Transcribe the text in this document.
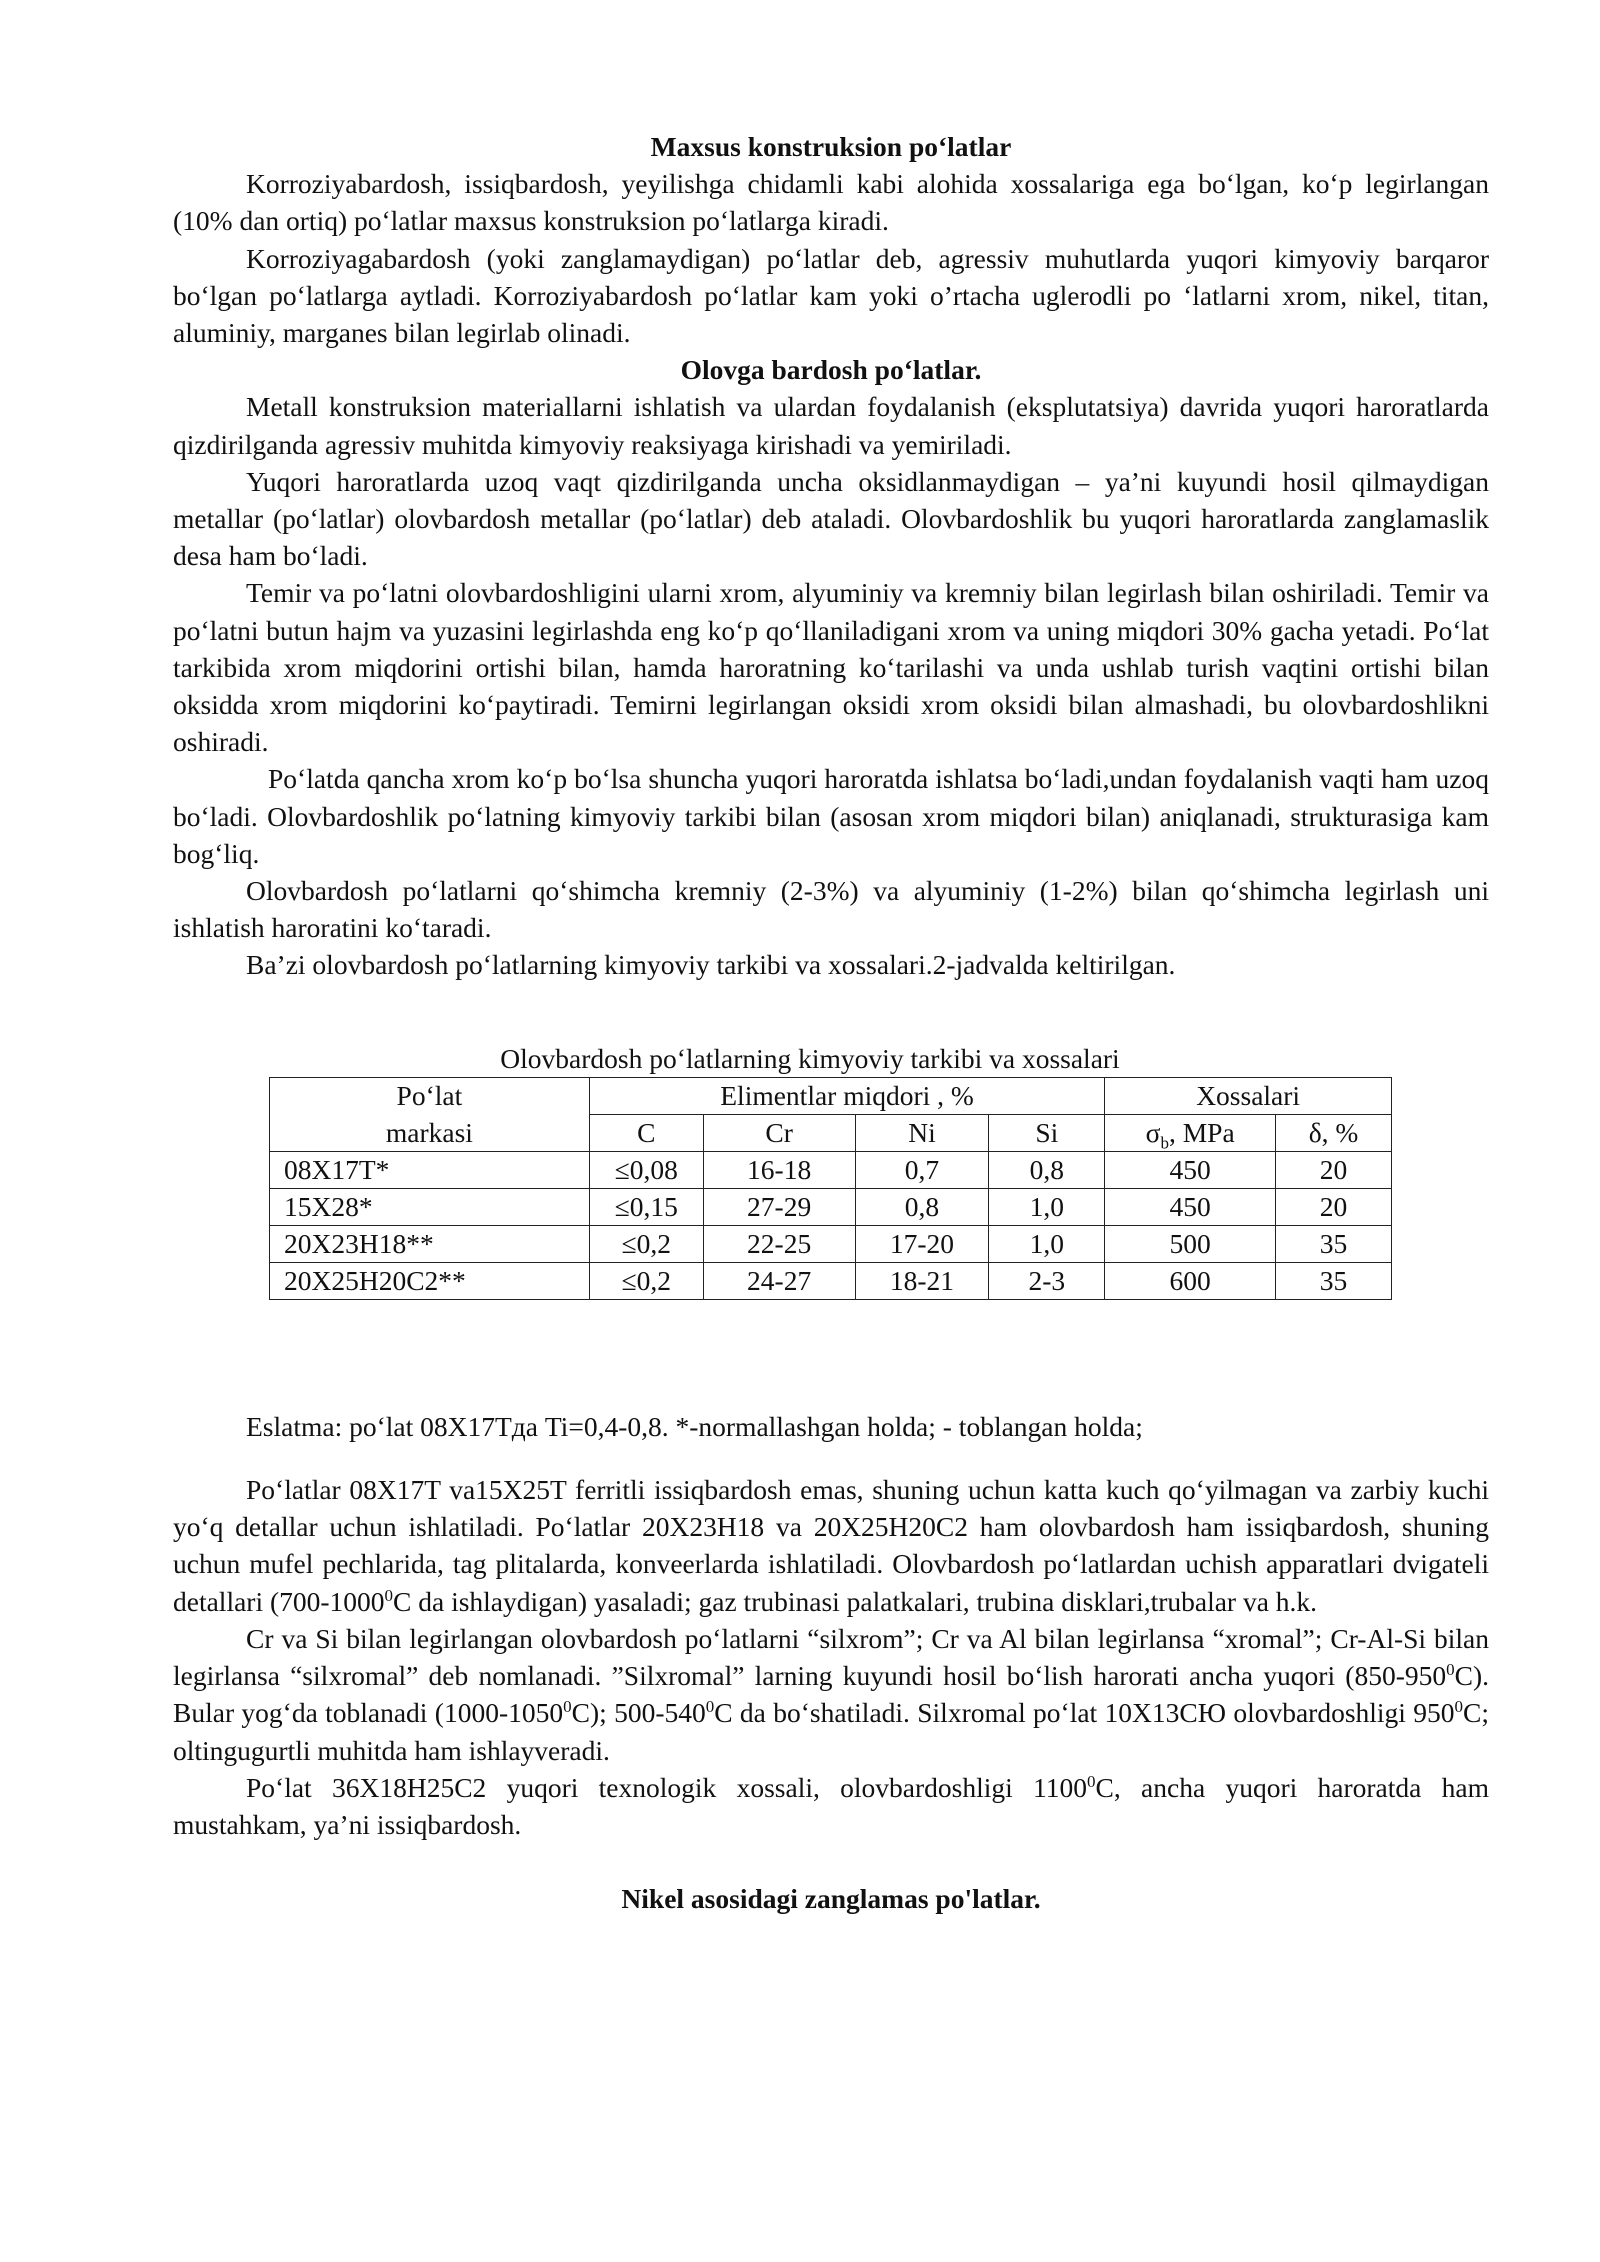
Maxsus konstruksion po‘latlar

Korroziyabardosh, issiqbardosh, yeyilishga chidamli kabi alohida xossalariga ega bo‘lgan, ko‘p legirlangan (10% dan ortiq) po‘latlar maxsus konstruksion po‘latlarga kiradi.

Korroziyagabardosh (yoki zanglamaydigan) po‘latlar deb, agressiv muhutlarda yuqori kimyoviy barqaror bo‘lgan po‘latlarga aytladi. Korroziyabardosh po‘latlar kam yoki o’rtacha uglerodli po ‘latlarni xrom, nikel, titan, aluminiy, marganes bilan legirlab olinadi.

Olovga bardosh po‘latlar.

Metall konstruksion materiallarni ishlatish va ulardan foydalanish (eksplutatsiya) davrida yuqori haroratlarda qizdirilganda agressiv muhitda kimyoviy reaksiyaga kirishadi va yemiriladi.

Yuqori haroratlarda uzoq vaqt qizdirilganda uncha oksidlanmaydigan – ya’ni kuyundi hosil qilmaydigan metallar (po‘latlar) olovbardosh metallar (po‘latlar) deb ataladi. Olovbardoshlik bu yuqori haroratlarda zanglamaslik desa ham bo‘ladi.

Temir va po‘latni olovbardoshligini ularni xrom, alyuminiy va kremniy bilan legirlash bilan oshiriladi. Temir va po‘latni butun hajm va yuzasini legirlashda eng ko‘p qo‘llaniladigani xrom va uning miqdori 30% gacha yetadi. Po‘lat tarkibida xrom miqdorini ortishi bilan, hamda haroratning ko‘tarilashi va unda ushlab turish vaqtini ortishi bilan oksidda xrom miqdorini ko‘paytiradi. Temirni legirlangan oksidi xrom oksidi bilan almashadi, bu olovbardoshlikni oshiradi.

Po‘latda qancha xrom ko‘p bo‘lsa shuncha yuqori haroratda ishlatsa bo‘ladi,undan foydalanish vaqti ham uzoq bo‘ladi. Olovbardoshlik po‘latning kimyoviy tarkibi bilan (asosan xrom miqdori bilan) aniqlanadi, strukturasiga kam bog‘liq.

Olovbardosh po‘latlarni qo‘shimcha kremniy (2-3%) va alyuminiy (1-2%) bilan qo‘shimcha legirlash uni ishlatish haroratini ko‘taradi.

Ba’zi olovbardosh po‘latlarning kimyoviy tarkibi va xossalari.2-jadvalda keltirilgan.

Olovbardosh po‘latlarning kimyoviy tarkibi va xossalari
Po‘lat	Elimentlar miqdori , %				Xossalari	
markasi	C	Cr	Ni	Si	$\sigma_b$, MPa	δ, %
08X17T*	≤0,08	16-18	0,7	0,8	450	20
15X28*	≤0,15	27-29	0,8	1,0	450	20
20X23H18**	≤0,2	22-25	17-20	1,0	500	35
20X25H20C2**	≤0,2	24-27	18-21	2-3	600	35

Eslatma: po‘lat 08X17Tда Ti=0,4-0,8. *-normallashgan holda; - toblangan holda;

Po‘latlar 08X17T va15X25T ferritli issiqbardosh emas, shuning uchun katta kuch qo‘yilmagan va zarbiy kuchi yo‘q detallar uchun ishlatiladi. Po‘latlar 20X23H18 va 20X25H20C2 ham olovbardosh ham issiqbardosh, shuning uchun mufel pechlarida, tag plitalarda, konveerlarda ishlatiladi. Olovbardosh po‘latlardan uchish apparatlari dvigateli detallari (700-1000$^0$C da ishlaydigan) yasaladi; gaz trubinasi palatkalari, trubina disklari,trubalar va h.k.

Cr va Si bilan legirlangan olovbardosh po‘latlarni “silxrom”; Cr va Al bilan legirlansa “xromal”; Cr-Al-Si bilan legirlansa “silxromal” deb nomlanadi. ”Silxromal” larning kuyundi hosil bo‘lish harorati ancha yuqori $(850-950^0C)$. Bular yog‘da toblanadi (1000-1050$^0$C); $500-540^0C$ da bo‘shatiladi. Silxromal po‘lat 10X13CЮ olovbardoshligi $950^0C$; oltingugurtli muhitda ham ishlayveradi.

Po‘lat 36X18H25C2 yuqori texnologik xossali, olovbardoshligi 1100$^0$C, ancha yuqori haroratda ham mustahkam, ya’ni issiqbardosh.

Nikel asosidagi zanglamas po'latlar.
